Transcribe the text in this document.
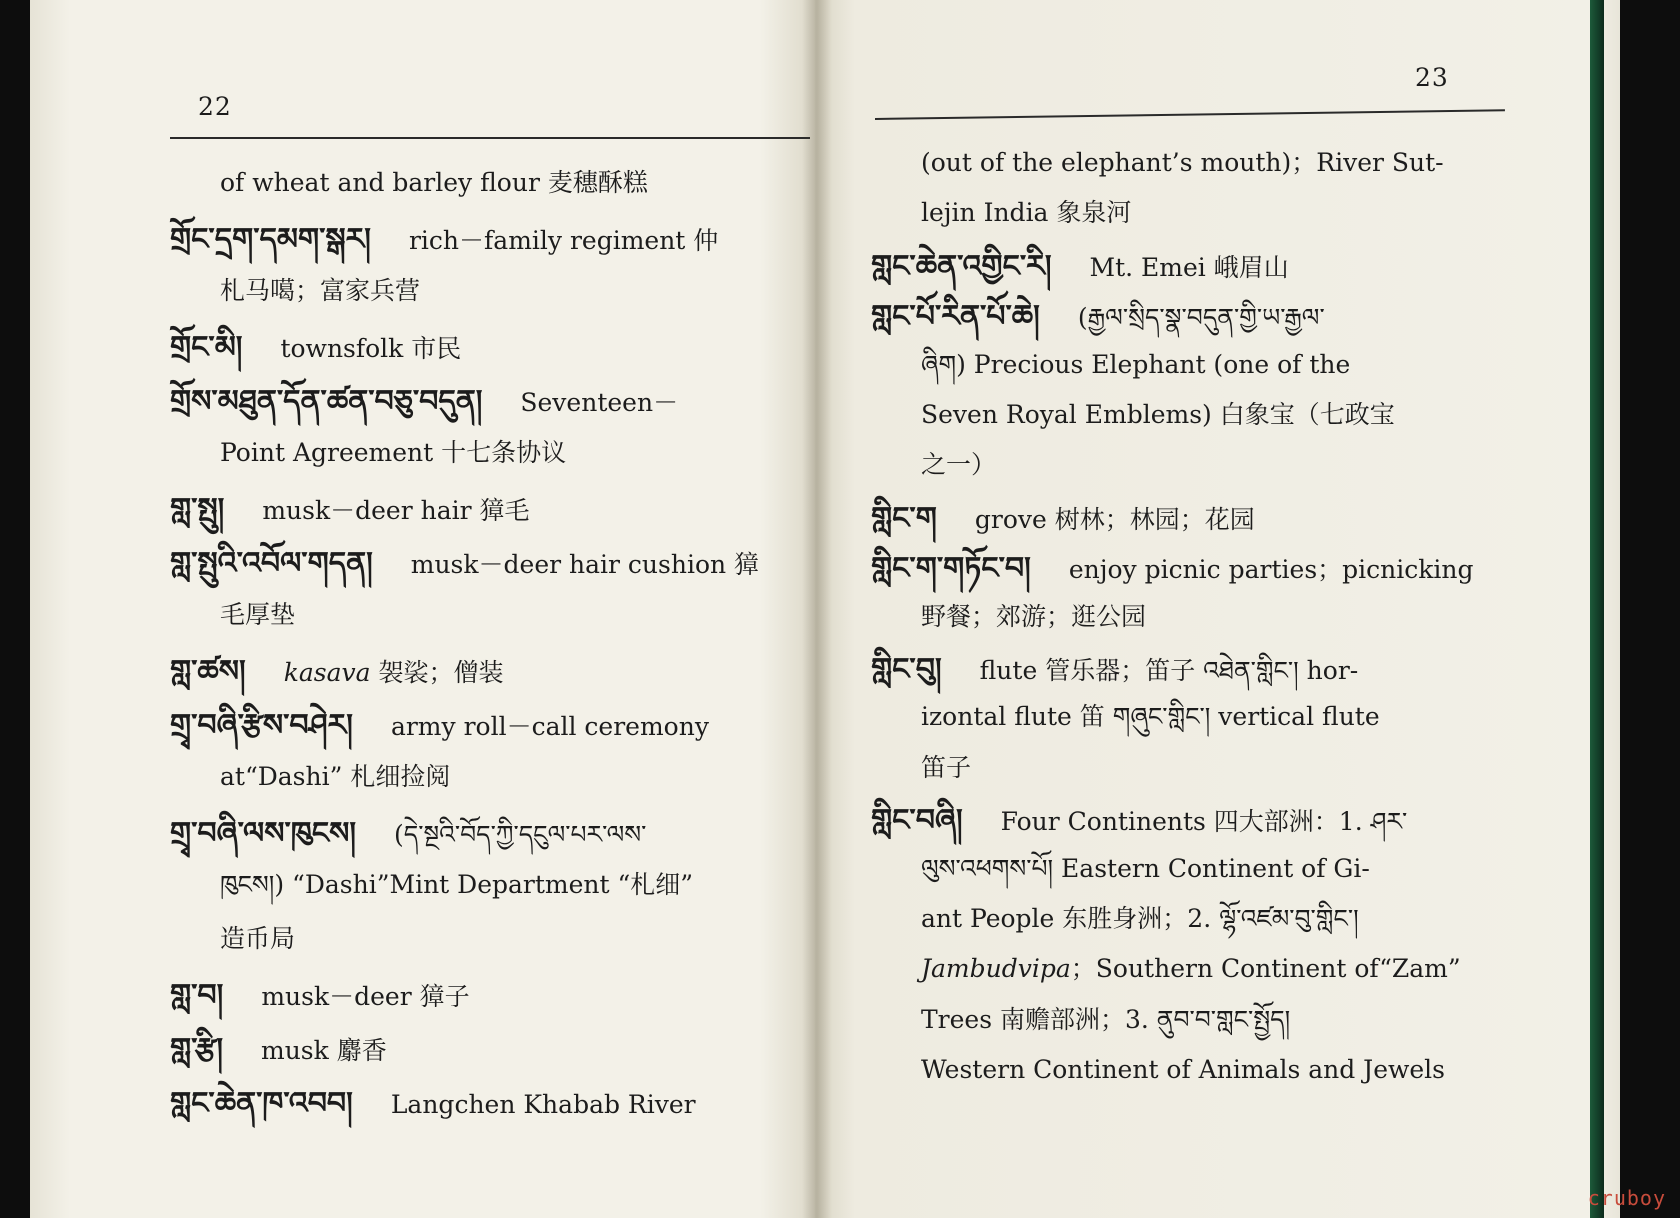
22
of wheat and barley flour 麦穗酥糕
གྲོང་དྲག་དམག་སྒར། rich－family regiment 仲
札马噶；富家兵营
གྲོང་མི། townsfolk 市民
གྲོས་མཐུན་དོན་ཚན་བཅུ་བདུན། Seventeen－
Point Agreement 十七条协议
གླ་སྤུ། musk－deer hair 獐毛
གླ་སྤུའི་འབོལ་གདན། musk－deer hair cushion 獐
毛厚垫
གླ་ཚས། kasava 袈裟；僧装
གྲྭ་བཞི་རྩིས་བཤེར། army roll－call ceremony
at“Dashi” 札细捡阅
གྲྭ་བཞི་ལས་ཁུངས། (དེ་སྔའི་བོད་ཀྱི་དངུལ་པར་ལས་
ཁུངས།) “Dashi”Mint Department “札细”
造币局
གླ་བ། musk－deer 獐子
གླ་རྩི། musk 麝香
གླང་ཆེན་ཁ་འབབ། Langchen Khabab River
23
(out of the elephant’s mouth)；River Sut-
lejin India 象泉河
གླང་ཆེན་འགྱིང་རི། Mt. Emei 峨眉山
གླང་པོ་རིན་པོ་ཆེ། (རྒྱལ་སྲིད་སྣ་བདུན་གྱི་ཡ་རྒྱལ་
ཞིག) Precious Elephant (one of the
Seven Royal Emblems) 白象宝（七政宝
之一）
གླིང་ག grove 树林；林园；花园
གླིང་ག་གཏོང་བ། enjoy picnic parties；picnicking
野餐；郊游；逛公园
གླིང་བུ། flute 管乐器；笛子 འཐེན་གླིང་། hor-
izontal flute 笛 གཞུང་གླིང་། vertical flute
笛子
གླིང་བཞི། Four Continents 四大部洲：1. ཤར་
ལུས་འཕགས་པོ། Eastern Continent of Gi-
ant People 东胜身洲；2. ལྷོ་འཛམ་བུ་གླིང་།
Jambudvipa；Southern Continent of“Zam”
Trees 南赡部洲；3. ནུབ་བ་གླང་སྤྱོད།
Western Continent of Animals and Jewels
cruboy
